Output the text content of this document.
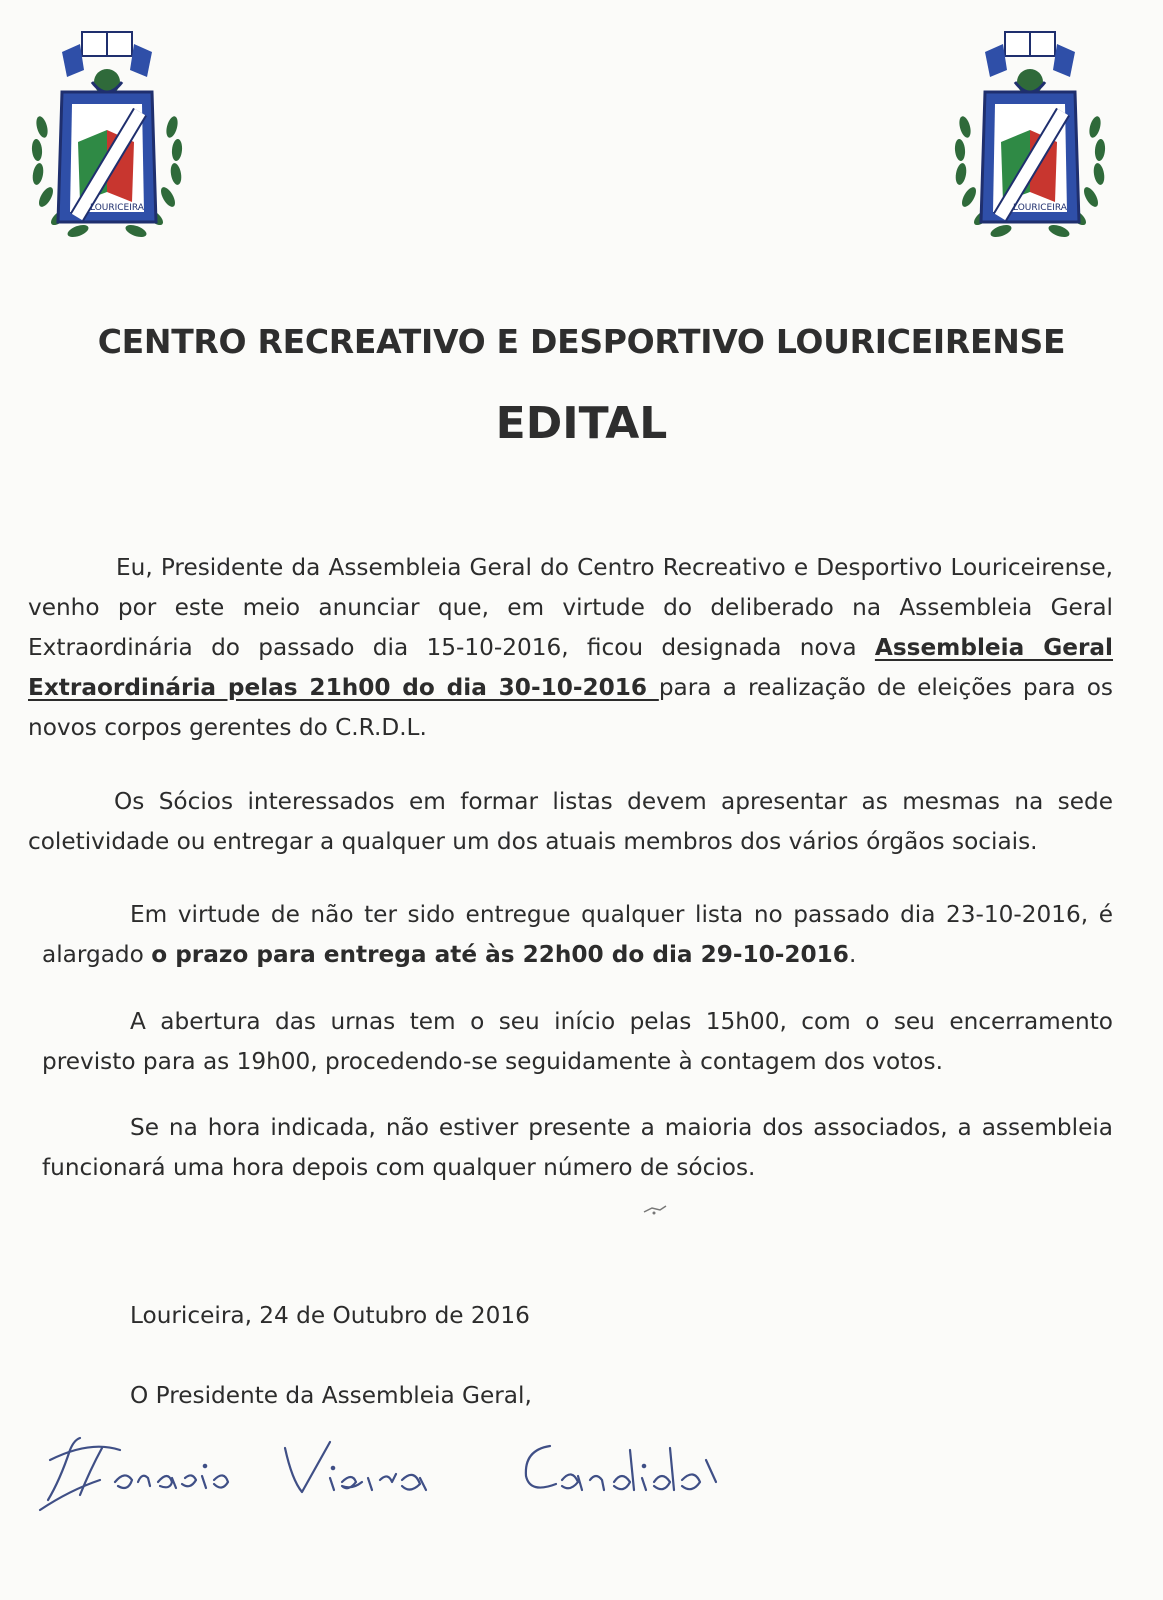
LOURICEIRA	LOURICEIRA
CENTRO RECREATIVO E DESPORTIVO LOURICEIRENSE
EDITAL
Eu, Presidente da Assembleia Geral do Centro Recreativo e Desportivo Louriceirense, venho por este meio anunciar que, em virtude do deliberado na Assembleia Geral Extraordinária do passado dia 15-10-2016, ficou designada nova Assembleia Geral Extraordinária pelas 21h00 do dia 30-10-2016 para a realização de eleições para os novos corpos gerentes do C.R.D.L.
Os Sócios interessados em formar listas devem apresentar as mesmas na sede coletividade ou entregar a qualquer um dos atuais membros dos vários órgãos sociais.
Em virtude de não ter sido entregue qualquer lista no passado dia 23-10-2016, é alargado o prazo para entrega até às 22h00 do dia 29-10-2016.
A abertura das urnas tem o seu início pelas 15h00, com o seu encerramento previsto para as 19h00, procedendo-se seguidamente à contagem dos votos.
Se na hora indicada, não estiver presente a maioria dos associados, a assembleia funcionará uma hora depois com qualquer número de sócios.
Louriceira, 24 de Outubro de 2016
O Presidente da Assembleia Geral,
